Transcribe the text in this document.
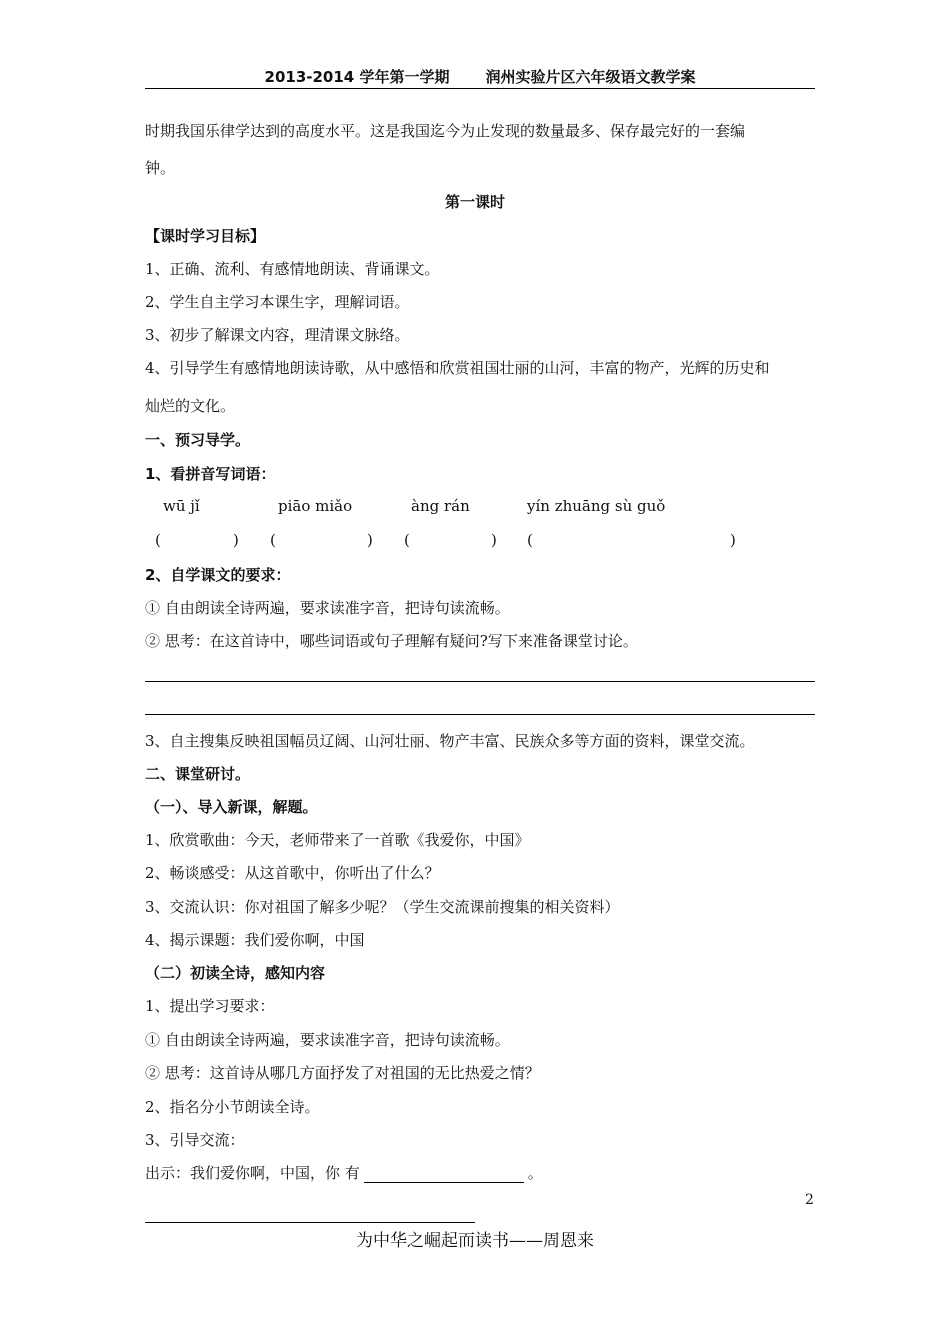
2013-2014 学年第一学期 润州实验片区六年级语文教学案
时期我国乐律学达到的高度水平。这是我国迄今为止发现的数量最多、保存最完好的一套编
钟。
第一课时
【课时学习目标】
1、正确、流利、有感情地朗读、背诵课文。
2、学生自主学习本课生字，理解词语。
3、初步了解课文内容，理清课文脉络。
4、引导学生有感情地朗读诗歌，从中感悟和欣赏祖国壮丽的山河，丰富的物产，光辉的历史和
灿烂的文化。
一、预习导学。
1、看拼音写词语：
wū jǐ	piāo miǎo	àng rán	yín zhuāng sù guǒ
(	) (	) (	) (	)
2、自学课文的要求：
① 自由朗读全诗两遍，要求读准字音，把诗句读流畅。
② 思考：在这首诗中，哪些词语或句子理解有疑问?写下来准备课堂讨论。
3、自主搜集反映祖国幅员辽阔、山河壮丽、物产丰富、民族众多等方面的资料，课堂交流。
二、课堂研讨。
（一）、导入新课，解题。
1、欣赏歌曲：今天，老师带来了一首歌《我爱你，中国》
2、畅谈感受：从这首歌中，你听出了什么？
3、交流认识：你对祖国了解多少呢？（学生交流课前搜集的相关资料）
4、揭示课题：我们爱你啊，中国
（二）初读全诗，感知内容
1、提出学习要求：
① 自由朗读全诗两遍，要求读准字音，把诗句读流畅。
② 思考：这首诗从哪几方面抒发了对祖国的无比热爱之情？
2、指名分小节朗读全诗。
3、引导交流：
出示：我们爱你啊，中国，你 有	。
2
为中华之崛起而读书——周恩来
